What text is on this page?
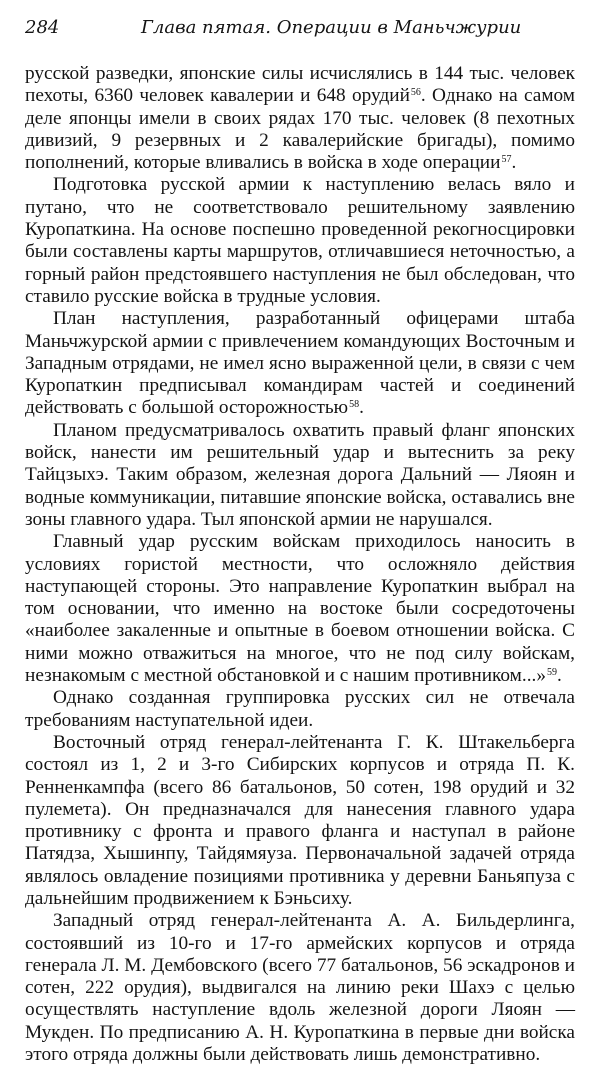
284	Глава пятая. Операции в Маньчжурии

русской разведки, японские силы исчислялись в 144 тыс. человек пехоты, 6360 человек кавалерии и 648 орудий$^{56}$. Однако на самом деле японцы имели в своих рядах 170 тыс. человек (8 пехотных дивизий, 9 резервных и 2 кавалерийские бригады), помимо пополнений, которые вливались в войска в ходе операции$^{57}$.

Подготовка русской армии к наступлению велась вяло и путано, что не соответствовало решительному заявлению Куропаткина. На основе поспешно проведенной рекогносцировки были составлены карты маршрутов, отличавшиеся неточностью, а горный район предстоявшего наступления не был обследован, что ставило русские войска в трудные условия.

План наступления, разработанный офицерами штаба Маньчжурской армии с привлечением командующих Восточным и Западным отрядами, не имел ясно выраженной цели, в связи с чем Куропаткин предписывал командирам частей и соединений действовать с большой осторожностью$^{58}$.

Планом предусматривалось охватить правый фланг японских войск, нанести им решительный удар и вытеснить за реку Тайцзыхэ. Таким образом, железная дорога Дальний — Ляоян и водные коммуникации, питавшие японские войска, оставались вне зоны главного удара. Тыл японской армии не нарушался.

Главный удар русским войскам приходилось наносить в условиях гористой местности, что осложняло действия наступающей стороны. Это направление Куропаткин выбрал на том основании, что именно на востоке были сосредоточены «наиболее закаленные и опытные в боевом отношении войска. С ними можно отважиться на многое, что не под силу войскам, незнакомым с местной обстановкой и с нашим противником...»$^{59}$.

Однако созданная группировка русских сил не отвечала требованиям наступательной идеи.

Восточный отряд генерал-лейтенанта Г. К. Штакельберга состоял из 1, 2 и 3-го Сибирских корпусов и отряда П. К. Ренненкампфа (всего 86 батальонов, 50 сотен, 198 орудий и 32 пулемета). Он предназначался для нанесения главного удара противнику с фронта и правого фланга и наступал в районе Патядза, Хышинпу, Тайдямяуза. Первоначальной задачей отряда являлось овладение позициями противника у деревни Баньяпуза с дальнейшим продвижением к Бэньсиху.

Западный отряд генерал-лейтенанта А. А. Бильдерлинга, состоявший из 10-го и 17-го армейских корпусов и отряда генерала Л. М. Дембовского (всего 77 батальонов, 56 эскадронов и сотен, 222 орудия), выдвигался на линию реки Шахэ с целью осуществлять наступление вдоль железной дороги Ляоян — Мукден. По предписанию А. Н. Куропаткина в первые дни войска этого отряда должны были действовать лишь демонстративно.
